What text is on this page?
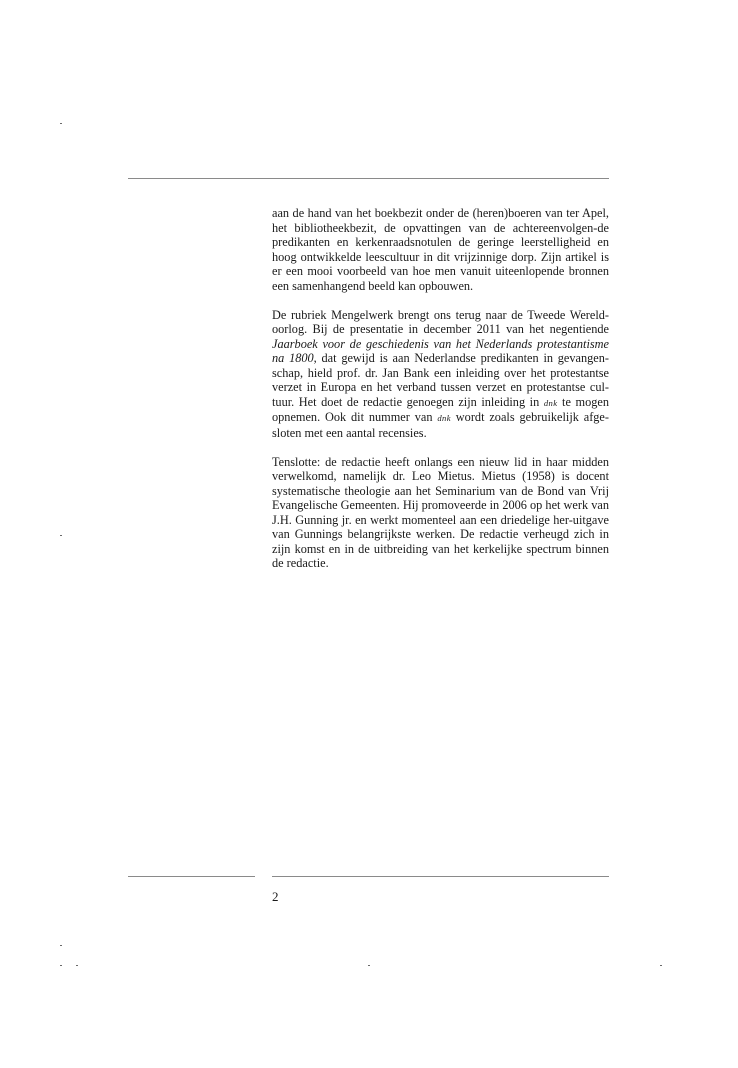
aan de hand van het boekbezit onder de (heren)boeren van ter Apel, het bibliotheekbezit, de opvattingen van de achtereenvolgen-de predikanten en kerkenraadsnotulen de geringe leerstelligheid en hoog ontwikkelde leescultuur in dit vrijzinnige dorp. Zijn artikel is er een mooi voorbeeld van hoe men vanuit uiteenlopende bronnen een samenhangend beeld kan opbouwen.

De rubriek Mengelwerk brengt ons terug naar de Tweede Wereld-oorlog. Bij de presentatie in december 2011 van het negentiende Jaarboek voor de geschiedenis van het Nederlands protestantisme na 1800, dat gewijd is aan Nederlandse predikanten in gevangen-schap, hield prof. dr. Jan Bank een inleiding over het protestantse verzet in Europa en het verband tussen verzet en protestantse cul-tuur. Het doet de redactie genoegen zijn inleiding in dnk te mogen opnemen. Ook dit nummer van dnk wordt zoals gebruikelijk afge-sloten met een aantal recensies.

Tenslotte: de redactie heeft onlangs een nieuw lid in haar midden verwelkomd, namelijk dr. Leo Mietus. Mietus (1958) is docent systematische theologie aan het Seminarium van de Bond van Vrij Evangelische Gemeenten. Hij promoveerde in 2006 op het werk van J.H. Gunning jr. en werkt momenteel aan een driedelige her-uitgave van Gunnings belangrijkste werken. De redactie verheugd zich in zijn komst en in de uitbreiding van het kerkelijke spectrum binnen de redactie.

2
